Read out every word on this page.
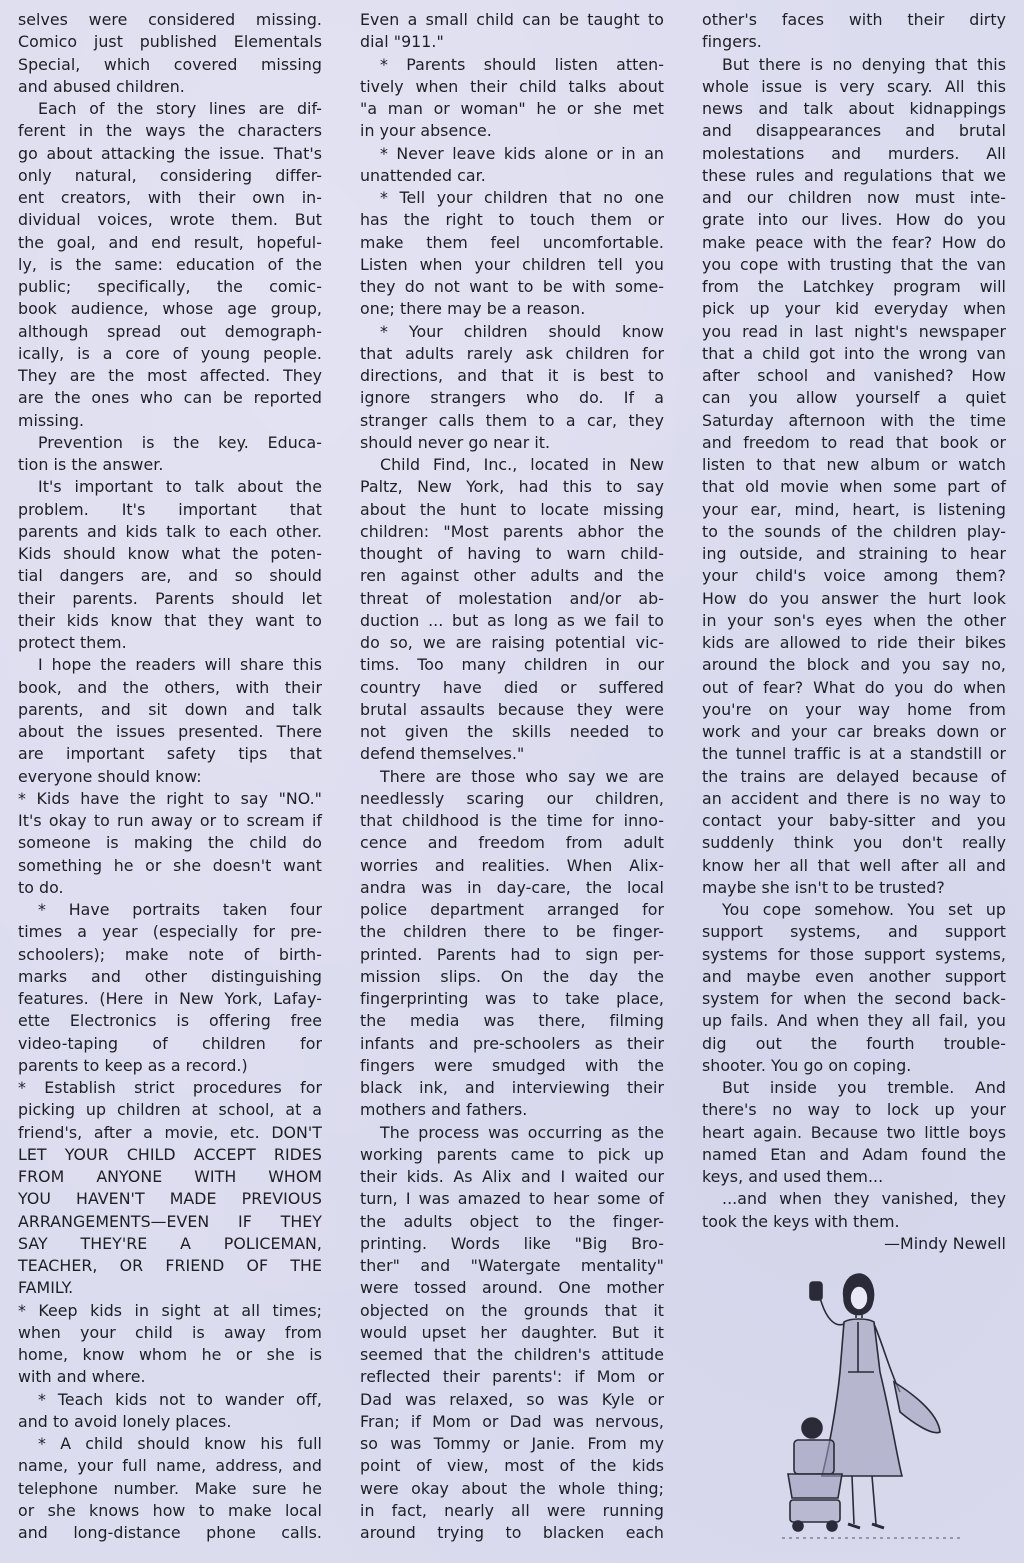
selves were considered missing.

Comico just published Elementals

Special, which covered missing

and abused children.

Each of the story lines are dif-

ferent in the ways the characters

go about attacking the issue. That's

only natural, considering differ-

ent creators, with their own in-

dividual voices, wrote them. But

the goal, and end result, hopeful-

ly, is the same: education of the

public; specifically, the comic-

book audience, whose age group,

although spread out demograph-

ically, is a core of young people.

They are the most affected. They

are the ones who can be reported

missing.

Prevention is the key. Educa-

tion is the answer.

It's important to talk about the

problem. It's important that

parents and kids talk to each other.

Kids should know what the poten-

tial dangers are, and so should

their parents. Parents should let

their kids know that they want to

protect them.

I hope the readers will share this

book, and the others, with their

parents, and sit down and talk

about the issues presented. There

are important safety tips that

everyone should know:

* Kids have the right to say "NO."

It's okay to run away or to scream if

someone is making the child do

something he or she doesn't want

to do.

* Have portraits taken four

times a year (especially for pre-

schoolers); make note of birth-

marks and other distinguishing

features. (Here in New York, Lafay-

ette Electronics is offering free

video-taping of children for

parents to keep as a record.)

* Establish strict procedures for

picking up children at school, at a

friend's, after a movie, etc. DON'T

LET YOUR CHILD ACCEPT RIDES

FROM ANYONE WITH WHOM

YOU HAVEN'T MADE PREVIOUS

ARRANGEMENTS—EVEN IF THEY

SAY THEY'RE A POLICEMAN,

TEACHER, OR FRIEND OF THE

FAMILY.

* Keep kids in sight at all times;

when your child is away from

home, know whom he or she is

with and where.

* Teach kids not to wander off,

and to avoid lonely places.

* A child should know his full

name, your full name, address, and

telephone number. Make sure he

or she knows how to make local

and long-distance phone calls.

Even a small child can be taught to

dial "911."

* Parents should listen atten-

tively when their child talks about

"a man or woman" he or she met

in your absence.

* Never leave kids alone or in an

unattended car.

* Tell your children that no one

has the right to touch them or

make them feel uncomfortable.

Listen when your children tell you

they do not want to be with some-

one; there may be a reason.

* Your children should know

that adults rarely ask children for

directions, and that it is best to

ignore strangers who do. If a

stranger calls them to a car, they

should never go near it.

Child Find, Inc., located in New

Paltz, New York, had this to say

about the hunt to locate missing

children: "Most parents abhor the

thought of having to warn child-

ren against other adults and the

threat of molestation and/or ab-

duction ... but as long as we fail to

do so, we are raising potential vic-

tims. Too many children in our

country have died or suffered

brutal assaults because they were

not given the skills needed to

defend themselves."

There are those who say we are

needlessly scaring our children,

that childhood is the time for inno-

cence and freedom from adult

worries and realities. When Alix-

andra was in day-care, the local

police department arranged for

the children there to be finger-

printed. Parents had to sign per-

mission slips. On the day the

fingerprinting was to take place,

the media was there, filming

infants and pre-schoolers as their

fingers were smudged with the

black ink, and interviewing their

mothers and fathers.

The process was occurring as the

working parents came to pick up

their kids. As Alix and I waited our

turn, I was amazed to hear some of

the adults object to the finger-

printing. Words like "Big Bro-

ther" and "Watergate mentality"

were tossed around. One mother

objected on the grounds that it

would upset her daughter. But it

seemed that the children's attitude

reflected their parents': if Mom or

Dad was relaxed, so was Kyle or

Fran; if Mom or Dad was nervous,

so was Tommy or Janie. From my

point of view, most of the kids

were okay about the whole thing;

in fact, nearly all were running

around trying to blacken each

other's faces with their dirty

fingers.

But there is no denying that this

whole issue is very scary. All this

news and talk about kidnappings

and disappearances and brutal

molestations and murders. All

these rules and regulations that we

and our children now must inte-

grate into our lives. How do you

make peace with the fear? How do

you cope with trusting that the van

from the Latchkey program will

pick up your kid everyday when

you read in last night's newspaper

that a child got into the wrong van

after school and vanished? How

can you allow yourself a quiet

Saturday afternoon with the time

and freedom to read that book or

listen to that new album or watch

that old movie when some part of

your ear, mind, heart, is listening

to the sounds of the children play-

ing outside, and straining to hear

your child's voice among them?

How do you answer the hurt look

in your son's eyes when the other

kids are allowed to ride their bikes

around the block and you say no,

out of fear? What do you do when

you're on your way home from

work and your car breaks down or

the tunnel traffic is at a standstill or

the trains are delayed because of

an accident and there is no way to

contact your baby-sitter and you

suddenly think you don't really

know her all that well after all and

maybe she isn't to be trusted?

You cope somehow. You set up

support systems, and support

systems for those support systems,

and maybe even another support

system for when the second back-

up fails. And when they all fail, you

dig out the fourth trouble-

shooter. You go on coping.

But inside you tremble. And

there's no way to lock up your

heart again. Because two little boys

named Etan and Adam found the

keys, and used them...

...and when they vanished, they

took the keys with them.

—Mindy Newell
